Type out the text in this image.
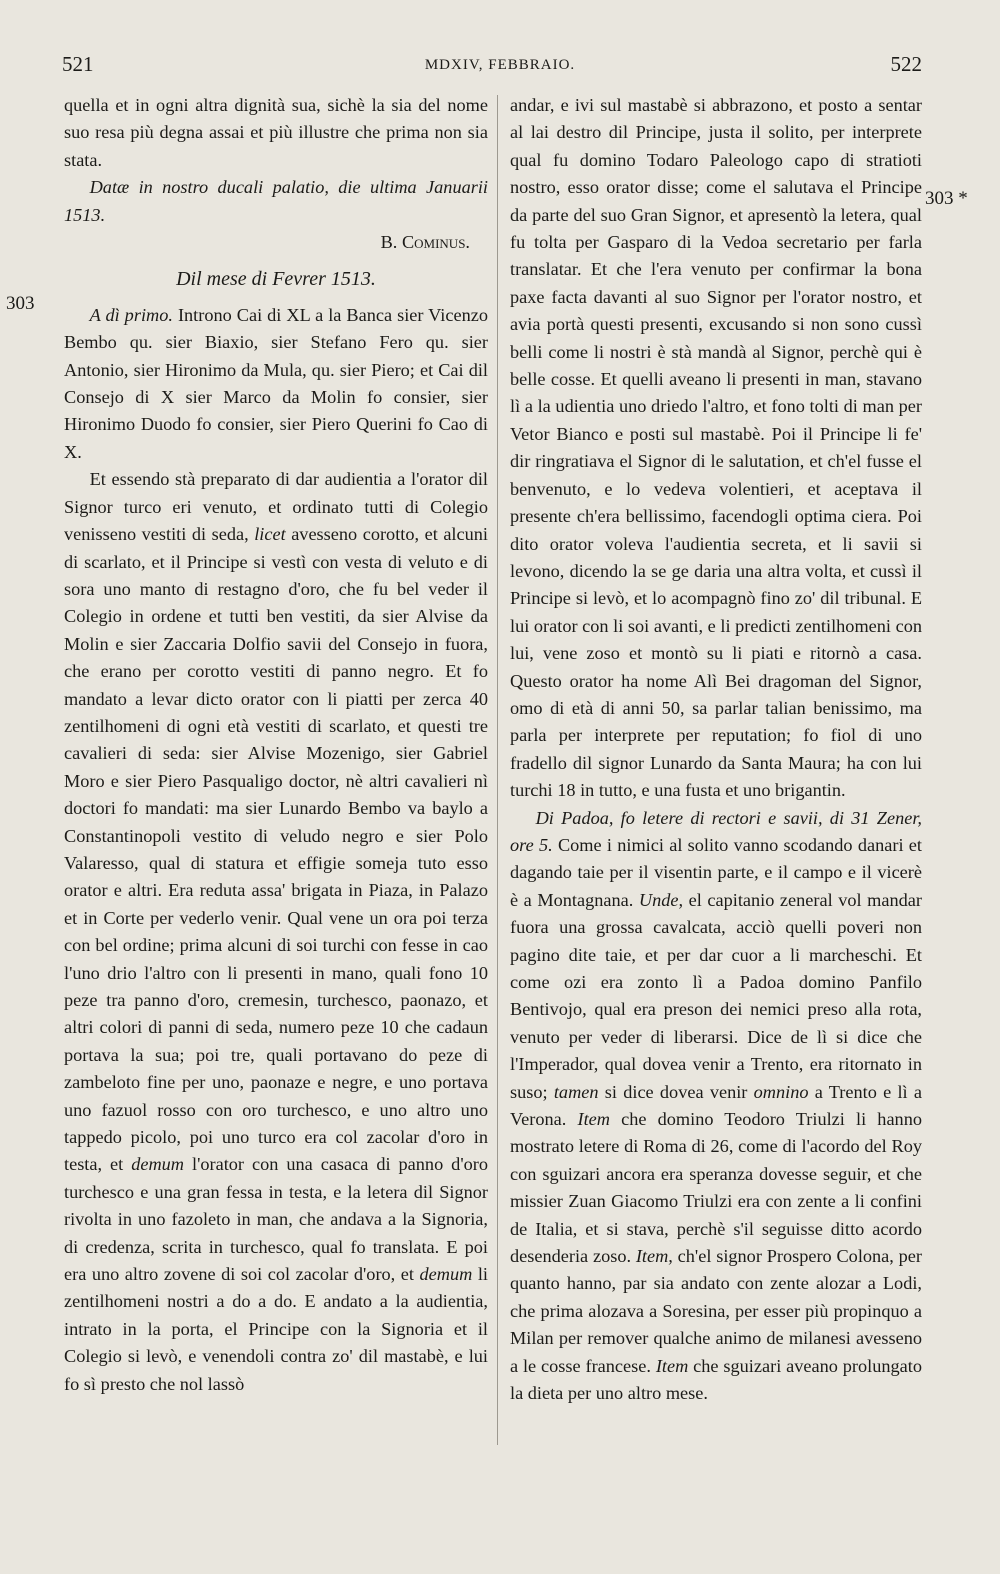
521	MDXIV, FEBBRAIO.	522
303
303 *

quella et in ogni altra dignità sua, sichè la sia del nome suo resa più degna assai et più illustre che prima non sia stata.

Datæ in nostro ducali palatio, die ultima Januarii 1513.

B. Cominus.

Dil mese di Fevrer 1513.

A dì primo. Introno Cai di XL a la Banca sier Vicenzo Bembo qu. sier Biaxio, sier Stefano Fero qu. sier Antonio, sier Hironimo da Mula, qu. sier Piero; et Cai dil Consejo di X sier Marco da Molin fo consier, sier Hironimo Duodo fo consier, sier Piero Querini fo Cao di X.

Et essendo stà preparato di dar audientia a l'orator dil Signor turco eri venuto, et ordinato tutti di Colegio venisseno vestiti di seda, licet avesseno corotto, et alcuni di scarlato, et il Principe si vestì con vesta di veluto e di sora uno manto di restagno d'oro, che fu bel veder il Colegio in ordene et tutti ben vestiti, da sier Alvise da Molin e sier Zaccaria Dolfio savii del Consejo in fuora, che erano per corotto vestiti di panno negro. Et fo mandato a levar dicto orator con li piatti per zerca 40 zentilhomeni di ogni età vestiti di scarlato, et questi tre cavalieri di seda: sier Alvise Mozenigo, sier Gabriel Moro e sier Piero Pasqualigo doctor, nè altri cavalieri nì doctori fo mandati: ma sier Lunardo Bembo va baylo a Constantinopoli vestito di veludo negro e sier Polo Valaresso, qual di statura et effigie someja tuto esso orator e altri. Era reduta assa' brigata in Piaza, in Palazo et in Corte per vederlo venir. Qual vene un ora poi terza con bel ordine; prima alcuni di soi turchi con fesse in cao l'uno drio l'altro con li presenti in mano, quali fono 10 peze tra panno d'oro, cremesin, turchesco, paonazo, et altri colori di panni di seda, numero peze 10 che cadaun portava la sua; poi tre, quali portavano do peze di zambeloto fine per uno, paonaze e negre, e uno portava uno fazuol rosso con oro turchesco, e uno altro uno tappedo picolo, poi uno turco era col zacolar d'oro in testa, et demum l'orator con una casaca di panno d'oro turchesco e una gran fessa in testa, e la letera dil Signor rivolta in uno fazoleto in man, che andava a la Signoria, di credenza, scrita in turchesco, qual fo translata. E poi era uno altro zovene di soi col zacolar d'oro, et demum li zentilhomeni nostri a do a do. E andato a la audientia, intrato in la porta, el Principe con la Signoria et il Colegio si levò, e venendoli contra zo' dil mastabè, e lui fo sì presto che nol lassò

andar, e ivi sul mastabè si abbrazono, et posto a sentar al lai destro dil Principe, justa il solito, per interprete qual fu domino Todaro Paleologo capo di stratioti nostro, esso orator disse; come el salutava el Principe da parte del suo Gran Signor, et apresentò la letera, qual fu tolta per Gasparo di la Vedoa secretario per farla translatar. Et che l'era venuto per confirmar la bona paxe facta davanti al suo Signor per l'orator nostro, et avia portà questi presenti, excusando si non sono cussì belli come li nostri è stà mandà al Signor, perchè qui è belle cosse. Et quelli aveano li presenti in man, stavano lì a la udientia uno driedo l'altro, et fono tolti di man per Vetor Bianco e posti sul mastabè. Poi il Principe li fe' dir ringratiava el Signor di le salutation, et ch'el fusse el benvenuto, e lo vedeva volentieri, et aceptava il presente ch'era bellissimo, facendogli optima ciera. Poi dito orator voleva l'audientia secreta, et li savii si levono, dicendo la se ge daria una altra volta, et cussì il Principe si levò, et lo acompagnò fino zo' dil tribunal. E lui orator con li soi avanti, e li predicti zentilhomeni con lui, vene zoso et montò su li piati e ritornò a casa. Questo orator ha nome Alì Bei dragoman del Signor, omo di età di anni 50, sa parlar talian benissimo, ma parla per interprete per reputation; fo fiol di uno fradello dil signor Lunardo da Santa Maura; ha con lui turchi 18 in tutto, e una fusta et uno brigantin.

Di Padoa, fo letere di rectori e savii, di 31 Zener, ore 5. Come i nimici al solito vanno scodando danari et dagando taie per il visentin parte, e il campo e il vicerè è a Montagnana. Unde, el capitanio zeneral vol mandar fuora una grossa cavalcata, acciò quelli poveri non pagino dite taie, et per dar cuor a li marcheschi. Et come ozi era zonto lì a Padoa domino Panfilo Bentivojo, qual era preson dei nemici preso alla rota, venuto per veder di liberarsi. Dice de lì si dice che l'Imperador, qual dovea venir a Trento, era ritornato in suso; tamen si dice dovea venir omnino a Trento e lì a Verona. Item che domino Teodoro Triulzi li hanno mostrato letere di Roma di 26, come di l'acordo del Roy con sguizari ancora era speranza dovesse seguir, et che missier Zuan Giacomo Triulzi era con zente a li confini de Italia, et si stava, perchè s'il seguisse ditto acordo desenderia zoso. Item, ch'el signor Prospero Colona, per quanto hanno, par sia andato con zente alozar a Lodi, che prima alozava a Soresina, per esser più propinquo a Milan per remover qualche animo de milanesi avesseno a le cosse francese. Item che sguizari aveano prolungato la dieta per uno altro mese.
